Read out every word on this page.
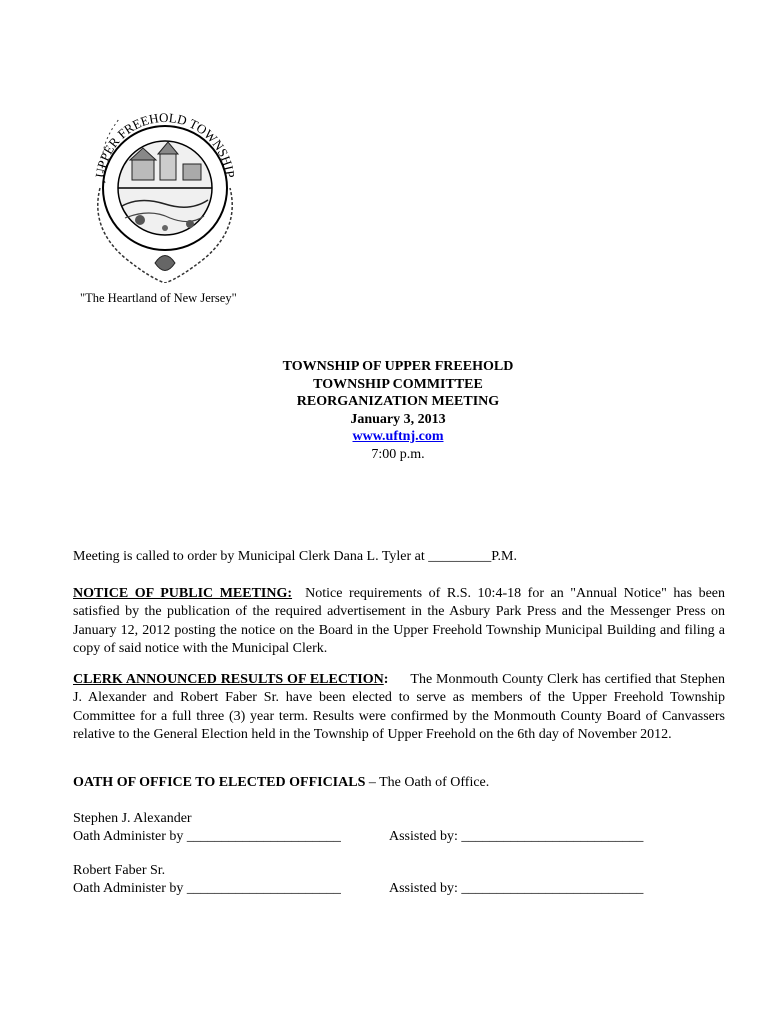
UPPER FREEHOLD TOWNSHIP
"The Heartland of New Jersey"
TOWNSHIP OF UPPER FREEHOLD
TOWNSHIP COMMITTEE
REORGANIZATION MEETING
January 3, 2013
www.uftnj.com
7:00 p.m.
Meeting is called to order by Municipal Clerk Dana L. Tyler at _________P.M.
NOTICE OF PUBLIC MEETING: Notice requirements of R.S. 10:4-18 for an "Annual Notice" has been satisfied by the publication of the required advertisement in the Asbury Park Press and the Messenger Press on January 12, 2012 posting the notice on the Board in the Upper Freehold Township Municipal Building and filing a copy of said notice with the Municipal Clerk.
CLERK ANNOUNCED RESULTS OF ELECTION: The Monmouth County Clerk has certified that Stephen J. Alexander and Robert Faber Sr. have been elected to serve as members of the Upper Freehold Township Committee for a full three (3) year term. Results were confirmed by the Monmouth County Board of Canvassers relative to the General Election held in the Township of Upper Freehold on the 6th day of November 2012.
OATH OF OFFICE TO ELECTED OFFICIALS – The Oath of Office.
Stephen J. Alexander
Oath Administer by ______________________	Assisted by: __________________________
Robert Faber Sr.
Oath Administer by ______________________	Assisted by: __________________________
